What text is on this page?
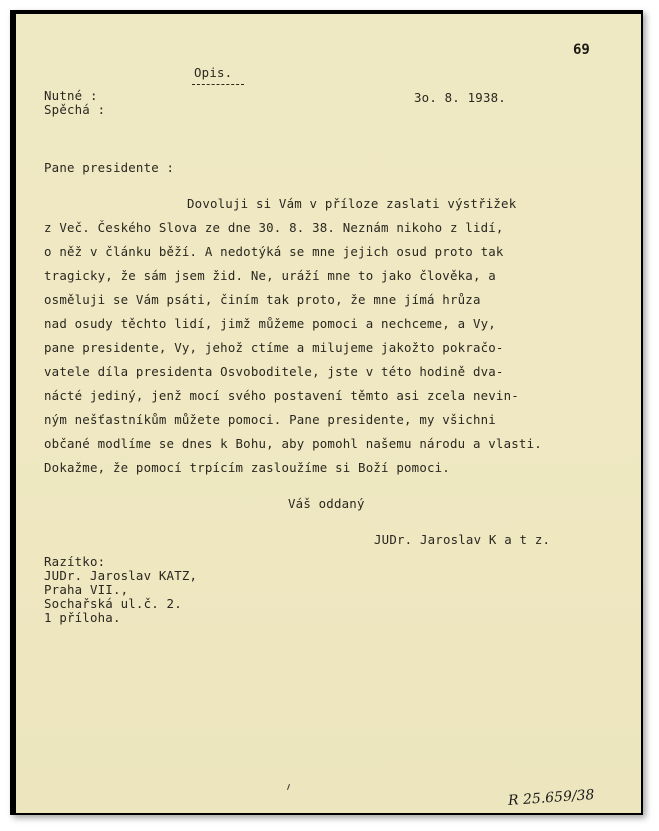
69
Opis.
Nutné :
Spěchá :
3o. 8. 1938.
Pane presidente :
Dovoluji si Vám v příloze zaslati výstřižek
z Več. Českého Slova ze dne 30. 8. 38. Neznám nikoho z lidí,
o něž v článku běží. A nedotýká se mne jejich osud proto tak
tragicky, že sám jsem žid. Ne, uráží mne to jako člověka, a
osměluji se Vám psáti, činím tak proto, že mne jímá hrůza
nad osudy těchto lidí, jimž můžeme pomoci a nechceme, a Vy,
pane presidente, Vy, jehož ctíme a milujeme jakožto pokračo-
vatele díla presidenta Osvoboditele, jste v této hodině dva-
nácté jediný, jenž mocí svého postavení těmto asi zcela nevin-
ným nešťastníkům můžete pomoci. Pane presidente, my všichni
občané modlíme se dnes k Bohu, aby pomohl našemu národu a vlasti.
Dokažme, že pomocí trpícím zasloužíme si Boží pomoci.
Váš oddaný
JUDr. Jaroslav K a t z.
Razítko:
JUDr. Jaroslav KATZ,
Praha VII.,
Sochařská ul.č. 2.
1 příloha.
R 25.659/38
